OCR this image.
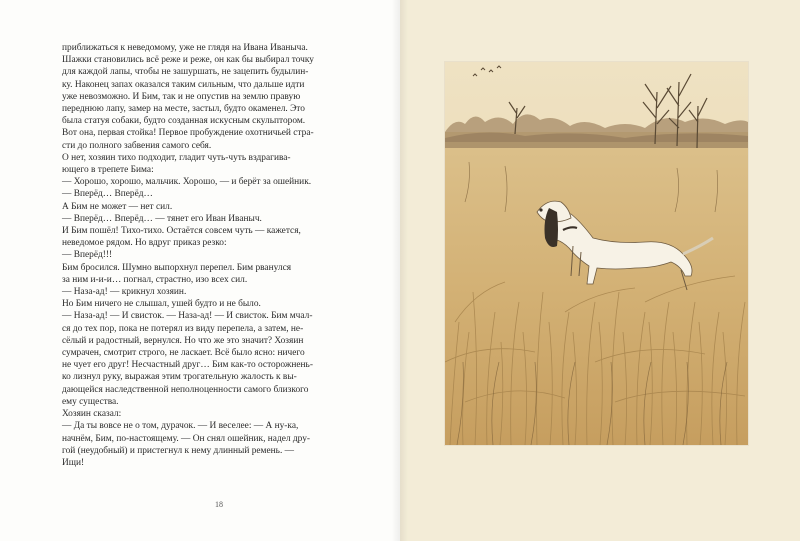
приближаться к неведомому, уже не глядя на Ивана Иваныча.
Шажки становились всё реже и реже, он как бы выбирал точку
для каждой лапы, чтобы не зашуршать, не зацепить будылин-
ку. Наконец запах оказался таким сильным, что дальше идти
уже невозможно. И Бим, так и не опустив на землю правую
переднюю лапу, замер на месте, застыл, будто окаменел. Это
была статуя собаки, будто созданная искусным скульптором.
Вот она, первая стойка! Первое пробуждение охотничьей стра-
сти до полного забвения самого себя.
О нет, хозяин тихо подходит, гладит чуть-чуть вздрагива-
ющего в трепете Бима:
— Хорошо, хорошо, мальчик. Хорошо, — и берёт за ошейник.
— Вперёд… Вперёд…
А Бим не может — нет сил.
— Вперёд… Вперёд… — тянет его Иван Иваныч.
И Бим пошёл! Тихо-тихо. Остаётся совсем чуть — кажется,
неведомое рядом. Но вдруг приказ резко:
— Вперёд!!!
Бим бросился. Шумно выпорхнул перепел. Бим рванулся
за ним и-и-и… погнал, страстно, изо всех сил.
— Наза-ад! — крикнул хозяин.
Но Бим ничего не слышал, ушей будто и не было.
— Наза-ад! — И свисток. — Наза-ад! — И свисток. Бим мчал-
ся до тех пор, пока не потерял из виду перепела, а затем, не-
сёлый и радостный, вернулся. Но что же это значит? Хозяин
сумрачен, смотрит строго, не ласкает. Всё было ясно: ничего
не чует его друг! Несчастный друг… Бим как-то осторожнень-
ко лизнул руку, выражая этим трогательную жалость к вы-
дающейся наследственной неполноценности самого близкого
ему существа.
Хозяин сказал:
— Да ты вовсе не о том, дурачок. — И веселее: — А ну-ка,
начнём, Бим, по-настоящему. — Он снял ошейник, надел дру-
гой (неудобный) и пристегнул к нему длинный ремень. —
Ищи!
18
